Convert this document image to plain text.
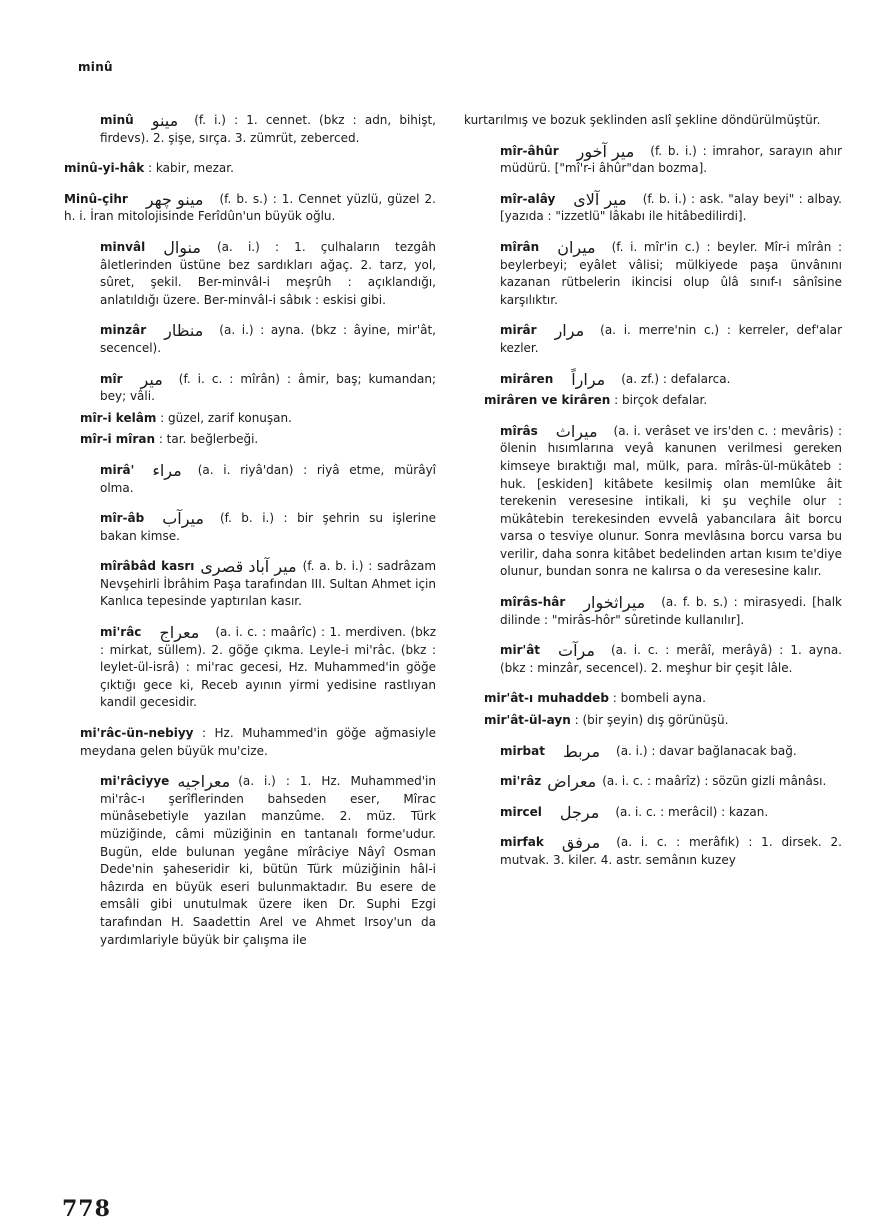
minû
minû مینو (f. i.) : 1. cennet. (bkz : adn, bihişt, firdevs). 2. şişe, sırça. 3. zümrüt, zeberced.
minû-yi-hâk : kabir, mezar.
Minû-çihr مینو چهر (f. b. s.) : 1. Cennet yüzlü, güzel 2. h. i. İran mitolojisinde Ferîdûn'un büyük oğlu.
minvâl منوال (a. i.) : 1. çulhaların tezgâh âletlerinden üstüne bez sardıkları ağaç. 2. tarz, yol, sûret, şekil. Ber-minvâl-i meşrûh : açıklandığı, anlatıldığı üzere. Ber-minvâl-i sâbık : eskisi gibi.
minzâr منظار (a. i.) : ayna. (bkz : âyine, mir'ât, secencel).
mîr میر (f. i. c. : mîrân) : âmir, baş; kumandan; bey; vâli.
mîr-i kelâm : güzel, zarif konuşan.
mîr-i mîran : tar. beğlerbeği.
mirâ' مراء (a. i. riyâ'dan) : riyâ etme, mürâyî olma.
mîr-âb میرآب (f. b. i.) : bir şehrin su işlerine bakan kimse.
mîrâbâd kasrı میر آباد قصری (f. a. b. i.) : sadrâzam Nevşehirli İbrâhim Paşa tarafından III. Sultan Ahmet için Kanlıca tepesinde yaptırılan kasır.
mi'râc معراج (a. i. c. : maârîc) : 1. merdiven. (bkz : mirkat, süllem). 2. göğe çıkma. Leyle-i mi'râc. (bkz : leylet-ül-isrâ) : mi'rac gecesi, Hz. Muhammed'in göğe çıktığı gece ki, Receb ayının yirmi yedisine rastlıyan kandil gecesidir.
mi'râc-ün-nebiyy : Hz. Muhammed'in göğe ağmasiyle meydana gelen büyük mu'cize.
mi'râciyye معراجیه (a. i.) : 1. Hz. Muhammed'in mi'râc-ı şerîflerinden bahseden eser, Mîrac münâsebetiyle yazılan manzûme. 2. müz. Türk müziğinde, câmi müziğinin en tantanalı forme'udur. Bugün, elde bulunan yegâne mîrâciye Nâyî Osman Dede'nin şaheseridir ki, bütün Türk müziğinin hâl-i hâzırda en büyük eseri bulunmaktadır. Bu esere de emsâli gibi unutulmak üzere iken Dr. Suphi Ezgi tarafından H. Saadettin Arel ve Ahmet Irsoy'un da yardımlariyle büyük bir çalışma ile
kurtarılmış ve bozuk şeklinden aslî şekline döndürülmüştür.
mîr-âhûr میر آخور (f. b. i.) : imrahor, sarayın ahır müdürü. ["mî'r-i âhûr"dan bozma].
mîr-alây میر آلای (f. b. i.) : ask. "alay beyi" : albay. [yazıda : "izzetlü" lâkabı ile hitâbedilirdi].
mîrân میران (f. i. mîr'in c.) : beyler. Mîr-i mîrân : beylerbeyi; eyâlet vâlisi; mülkiyede paşa ünvânını kazanan rütbelerin ikincisi olup ûlâ sınıf-ı sânîsine karşılıktır.
mirâr مرار (a. i. merre'nin c.) : kerreler, def'alar kezler.
mirâren مراراً (a. zf.) : defalarca.
mirâren ve kirâren : birçok defalar.
mîrâs میراث (a. i. verâset ve irs'den c. : mevâris) : ölenin hısımlarına veyâ kanunen verilmesi gereken kimseye bıraktığı mal, mülk, para. mîrâs-ül-mükâteb : huk. [eskiden] kitâbete kesilmiş olan memlûke âit terekenin veresesine intikali, ki şu veçhile olur : mükâtebin terekesinden evvelâ yabancılara âit borcu varsa o tesviye olunur. Sonra mevlâsına borcu varsa bu verilir, daha sonra kitâbet bedelinden artan kısım te'diye olunur, bundan sonra ne kalırsa o da veresesine kalır.
mîrâs-hâr میراثخوار (a. f. b. s.) : mirasyedi. [halk dilinde : "mirâs-hôr" sûretinde kullanılır].
mir'ât مرآت (a. i. c. : merâî, merâyâ) : 1. ayna. (bkz : minzâr, secencel). 2. meşhur bir çeşit lâle.
mir'ât-ı muhaddeb : bombeli ayna.
mir'ât-ül-ayn : (bir şeyin) dış görünüşü.
mirbat مربط (a. i.) : davar bağlanacak bağ.
mi'râz معراض (a. i. c. : maârîz) : sözün gizli mânâsı.
mircel مرجل (a. i. c. : merâcil) : kazan.
mirfak مرفق (a. i. c. : merâfık) : 1. dirsek. 2. mutvak. 3. kiler. 4. astr. semânın kuzey
778
